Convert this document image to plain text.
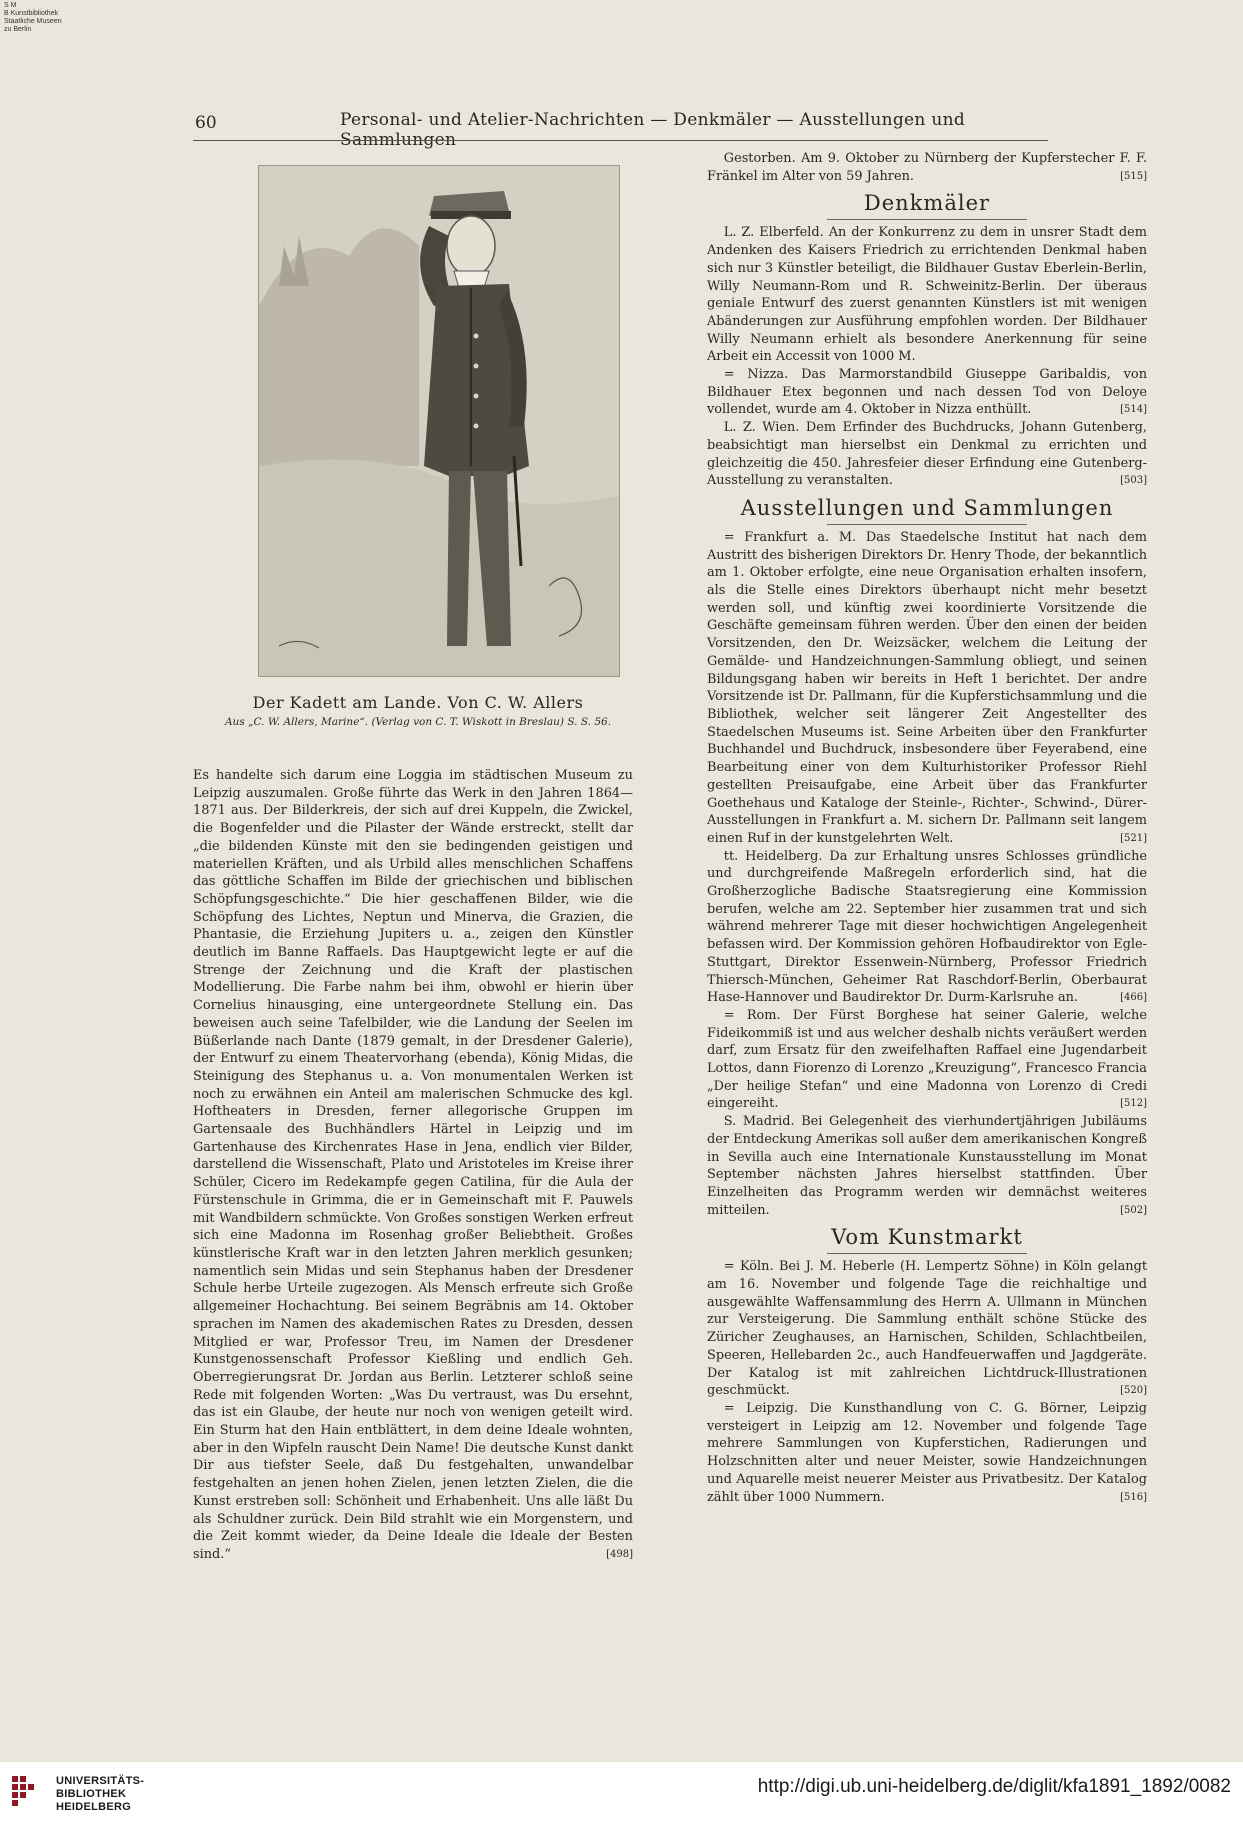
S M
B Kunstbibliothek
Staatliche Museen
zu Berlin
60	Personal- und Atelier-Nachrichten — Denkmäler — Ausstellungen und Sammlungen
Der Kadett am Lande. Von C. W. Allers
Aus „C. W. Allers, Marine“. (Verlag von C. T. Wiskott in Breslau) S. S. 56.

Es handelte sich darum eine Loggia im städtischen Museum zu Leipzig auszumalen. Große führte das Werk in den Jahren 1864—1871 aus. Der Bilderkreis, der sich auf drei Kuppeln, die Zwickel, die Bogenfelder und die Pilaster der Wände erstreckt, stellt dar „die bildenden Künste mit den sie bedingenden geistigen und materiellen Kräften, und als Urbild alles menschlichen Schaffens das göttliche Schaffen im Bilde der griechischen und biblischen Schöpfungsgeschichte.“ Die hier geschaffenen Bilder, wie die Schöpfung des Lichtes, Neptun und Minerva, die Grazien, die Phantasie, die Erziehung Jupiters u. a., zeigen den Künstler deutlich im Banne Raffaels. Das Hauptgewicht legte er auf die Strenge der Zeichnung und die Kraft der plastischen Modellierung. Die Farbe nahm bei ihm, obwohl er hierin über Cornelius hinausging, eine untergeordnete Stellung ein. Das beweisen auch seine Tafelbilder, wie die Landung der Seelen im Büßerlande nach Dante (1879 gemalt, in der Dresdener Galerie), der Entwurf zu einem Theatervorhang (ebenda), König Midas, die Steinigung des Stephanus u. a. Von monumentalen Werken ist noch zu erwähnen ein Anteil am malerischen Schmucke des kgl. Hoftheaters in Dresden, ferner allegorische Gruppen im Gartensaale des Buchhändlers Härtel in Leipzig und im Gartenhause des Kirchenrates Hase in Jena, endlich vier Bilder, darstellend die Wissenschaft, Plato und Aristoteles im Kreise ihrer Schüler, Cicero im Redekampfe gegen Catilina, für die Aula der Fürstenschule in Grimma, die er in Gemeinschaft mit F. Pauwels mit Wandbildern schmückte. Von Großes sonstigen Werken erfreut sich eine Madonna im Rosenhag großer Beliebtheit. Großes künstlerische Kraft war in den letzten Jahren merklich gesunken; namentlich sein Midas und sein Stephanus haben der Dresdener Schule herbe Urteile zugezogen. Als Mensch erfreute sich Große allgemeiner Hochachtung. Bei seinem Begräbnis am 14. Oktober sprachen im Namen des akademischen Rates zu Dresden, dessen Mitglied er war, Professor Treu, im Namen der Dresdener Kunstgenossenschaft Professor Kießling und endlich Geh. Oberregierungsrat Dr. Jordan aus Berlin. Letzterer schloß seine Rede mit folgenden Worten: „Was Du vertraust, was Du ersehnt, das ist ein Glaube, der heute nur noch von wenigen geteilt wird. Ein Sturm hat den Hain entblättert, in dem deine Ideale wohnten, aber in den Wipfeln rauscht Dein Name! Die deutsche Kunst dankt Dir aus tiefster Seele, daß Du festgehalten, unwandelbar festgehalten an jenen hohen Zielen, jenen letzten Zielen, die die Kunst erstreben soll: Schönheit und Erhabenheit. Uns alle läßt Du als Schuldner zurück. Dein Bild strahlt wie ein Morgenstern, und die Zeit kommt wieder, da Deine Ideale die Ideale der Besten sind.“	[498]

Gestorben. Am 9. Oktober zu Nürnberg der Kupferstecher F. F. Fränkel im Alter von 59 Jahren.	[515]

Denkmäler

L. Z. Elberfeld. An der Konkurrenz zu dem in unsrer Stadt dem Andenken des Kaisers Friedrich zu errichtenden Denkmal haben sich nur 3 Künstler beteiligt, die Bildhauer Gustav Eberlein-Berlin, Willy Neumann-Rom und R. Schweinitz-Berlin. Der überaus geniale Entwurf des zuerst genannten Künstlers ist mit wenigen Abänderungen zur Ausführung empfohlen worden. Der Bildhauer Willy Neumann erhielt als besondere Anerkennung für seine Arbeit ein Accessit von 1000 M.

= Nizza. Das Marmorstandbild Giuseppe Garibaldis, von Bildhauer Etex begonnen und nach dessen Tod von Deloye vollendet, wurde am 4. Oktober in Nizza enthüllt.	[514]

L. Z. Wien. Dem Erfinder des Buchdrucks, Johann Gutenberg, beabsichtigt man hierselbst ein Denkmal zu errichten und gleichzeitig die 450. Jahresfeier dieser Erfindung eine Gutenberg-Ausstellung zu veranstalten.	[503]

Ausstellungen und Sammlungen

= Frankfurt a. M. Das Staedelsche Institut hat nach dem Austritt des bisherigen Direktors Dr. Henry Thode, der bekanntlich am 1. Oktober erfolgte, eine neue Organisation erhalten insofern, als die Stelle eines Direktors überhaupt nicht mehr besetzt werden soll, und künftig zwei koordinierte Vorsitzende die Geschäfte gemeinsam führen werden. Über den einen der beiden Vorsitzenden, den Dr. Weizsäcker, welchem die Leitung der Gemälde- und Handzeichnungen-Sammlung obliegt, und seinen Bildungsgang haben wir bereits in Heft 1 berichtet. Der andre Vorsitzende ist Dr. Pallmann, für die Kupferstichsammlung und die Bibliothek, welcher seit längerer Zeit Angestellter des Staedelschen Museums ist. Seine Arbeiten über den Frankfurter Buchhandel und Buchdruck, insbesondere über Feyerabend, eine Bearbeitung einer von dem Kulturhistoriker Professor Riehl gestellten Preisaufgabe, eine Arbeit über das Frankfurter Goethehaus und Kataloge der Steinle-, Richter-, Schwind-, Dürer-Ausstellungen in Frankfurt a. M. sichern Dr. Pallmann seit langem einen Ruf in der kunstgelehrten Welt.	[521]

tt. Heidelberg. Da zur Erhaltung unsres Schlosses gründliche und durchgreifende Maßregeln erforderlich sind, hat die Großherzogliche Badische Staatsregierung eine Kommission berufen, welche am 22. September hier zusammen trat und sich während mehrerer Tage mit dieser hochwichtigen Angelegenheit befassen wird. Der Kommission gehören Hofbaudirektor von Egle-Stuttgart, Direktor Essenwein-Nürnberg, Professor Friedrich Thiersch-München, Geheimer Rat Raschdorf-Berlin, Oberbaurat Hase-Hannover und Baudirektor Dr. Durm-Karlsruhe an.	[466]

= Rom. Der Fürst Borghese hat seiner Galerie, welche Fideikommiß ist und aus welcher deshalb nichts veräußert werden darf, zum Ersatz für den zweifelhaften Raffael eine Jugendarbeit Lottos, dann Fiorenzo di Lorenzo „Kreuzigung“, Francesco Francia „Der heilige Stefan“ und eine Madonna von Lorenzo di Credi eingereiht.	[512]

S. Madrid. Bei Gelegenheit des vierhundertjährigen Jubiläums der Entdeckung Amerikas soll außer dem amerikanischen Kongreß in Sevilla auch eine Internationale Kunstausstellung im Monat September nächsten Jahres hierselbst stattfinden. Über Einzelheiten das Programm werden wir demnächst weiteres mitteilen.	[502]

Vom Kunstmarkt

= Köln. Bei J. M. Heberle (H. Lempertz Söhne) in Köln gelangt am 16. November und folgende Tage die reichhaltige und ausgewählte Waffensammlung des Herrn A. Ullmann in München zur Versteigerung. Die Sammlung enthält schöne Stücke des Züricher Zeughauses, an Harnischen, Schilden, Schlachtbeilen, Speeren, Hellebarden 2c., auch Handfeuerwaffen und Jagdgeräte. Der Katalog ist mit zahlreichen Lichtdruck-Illustrationen geschmückt.	[520]

= Leipzig. Die Kunsthandlung von C. G. Börner, Leipzig versteigert in Leipzig am 12. November und folgende Tage mehrere Sammlungen von Kupferstichen, Radierungen und Holzschnitten alter und neuer Meister, sowie Handzeichnungen und Aquarelle meist neuerer Meister aus Privatbesitz. Der Katalog zählt über 1000 Nummern.	[516]

UNIVERSITÄTS-
BIBLIOTHEK
HEIDELBERG
http://digi.ub.uni-heidelberg.de/diglit/kfa1891_1892/0082
